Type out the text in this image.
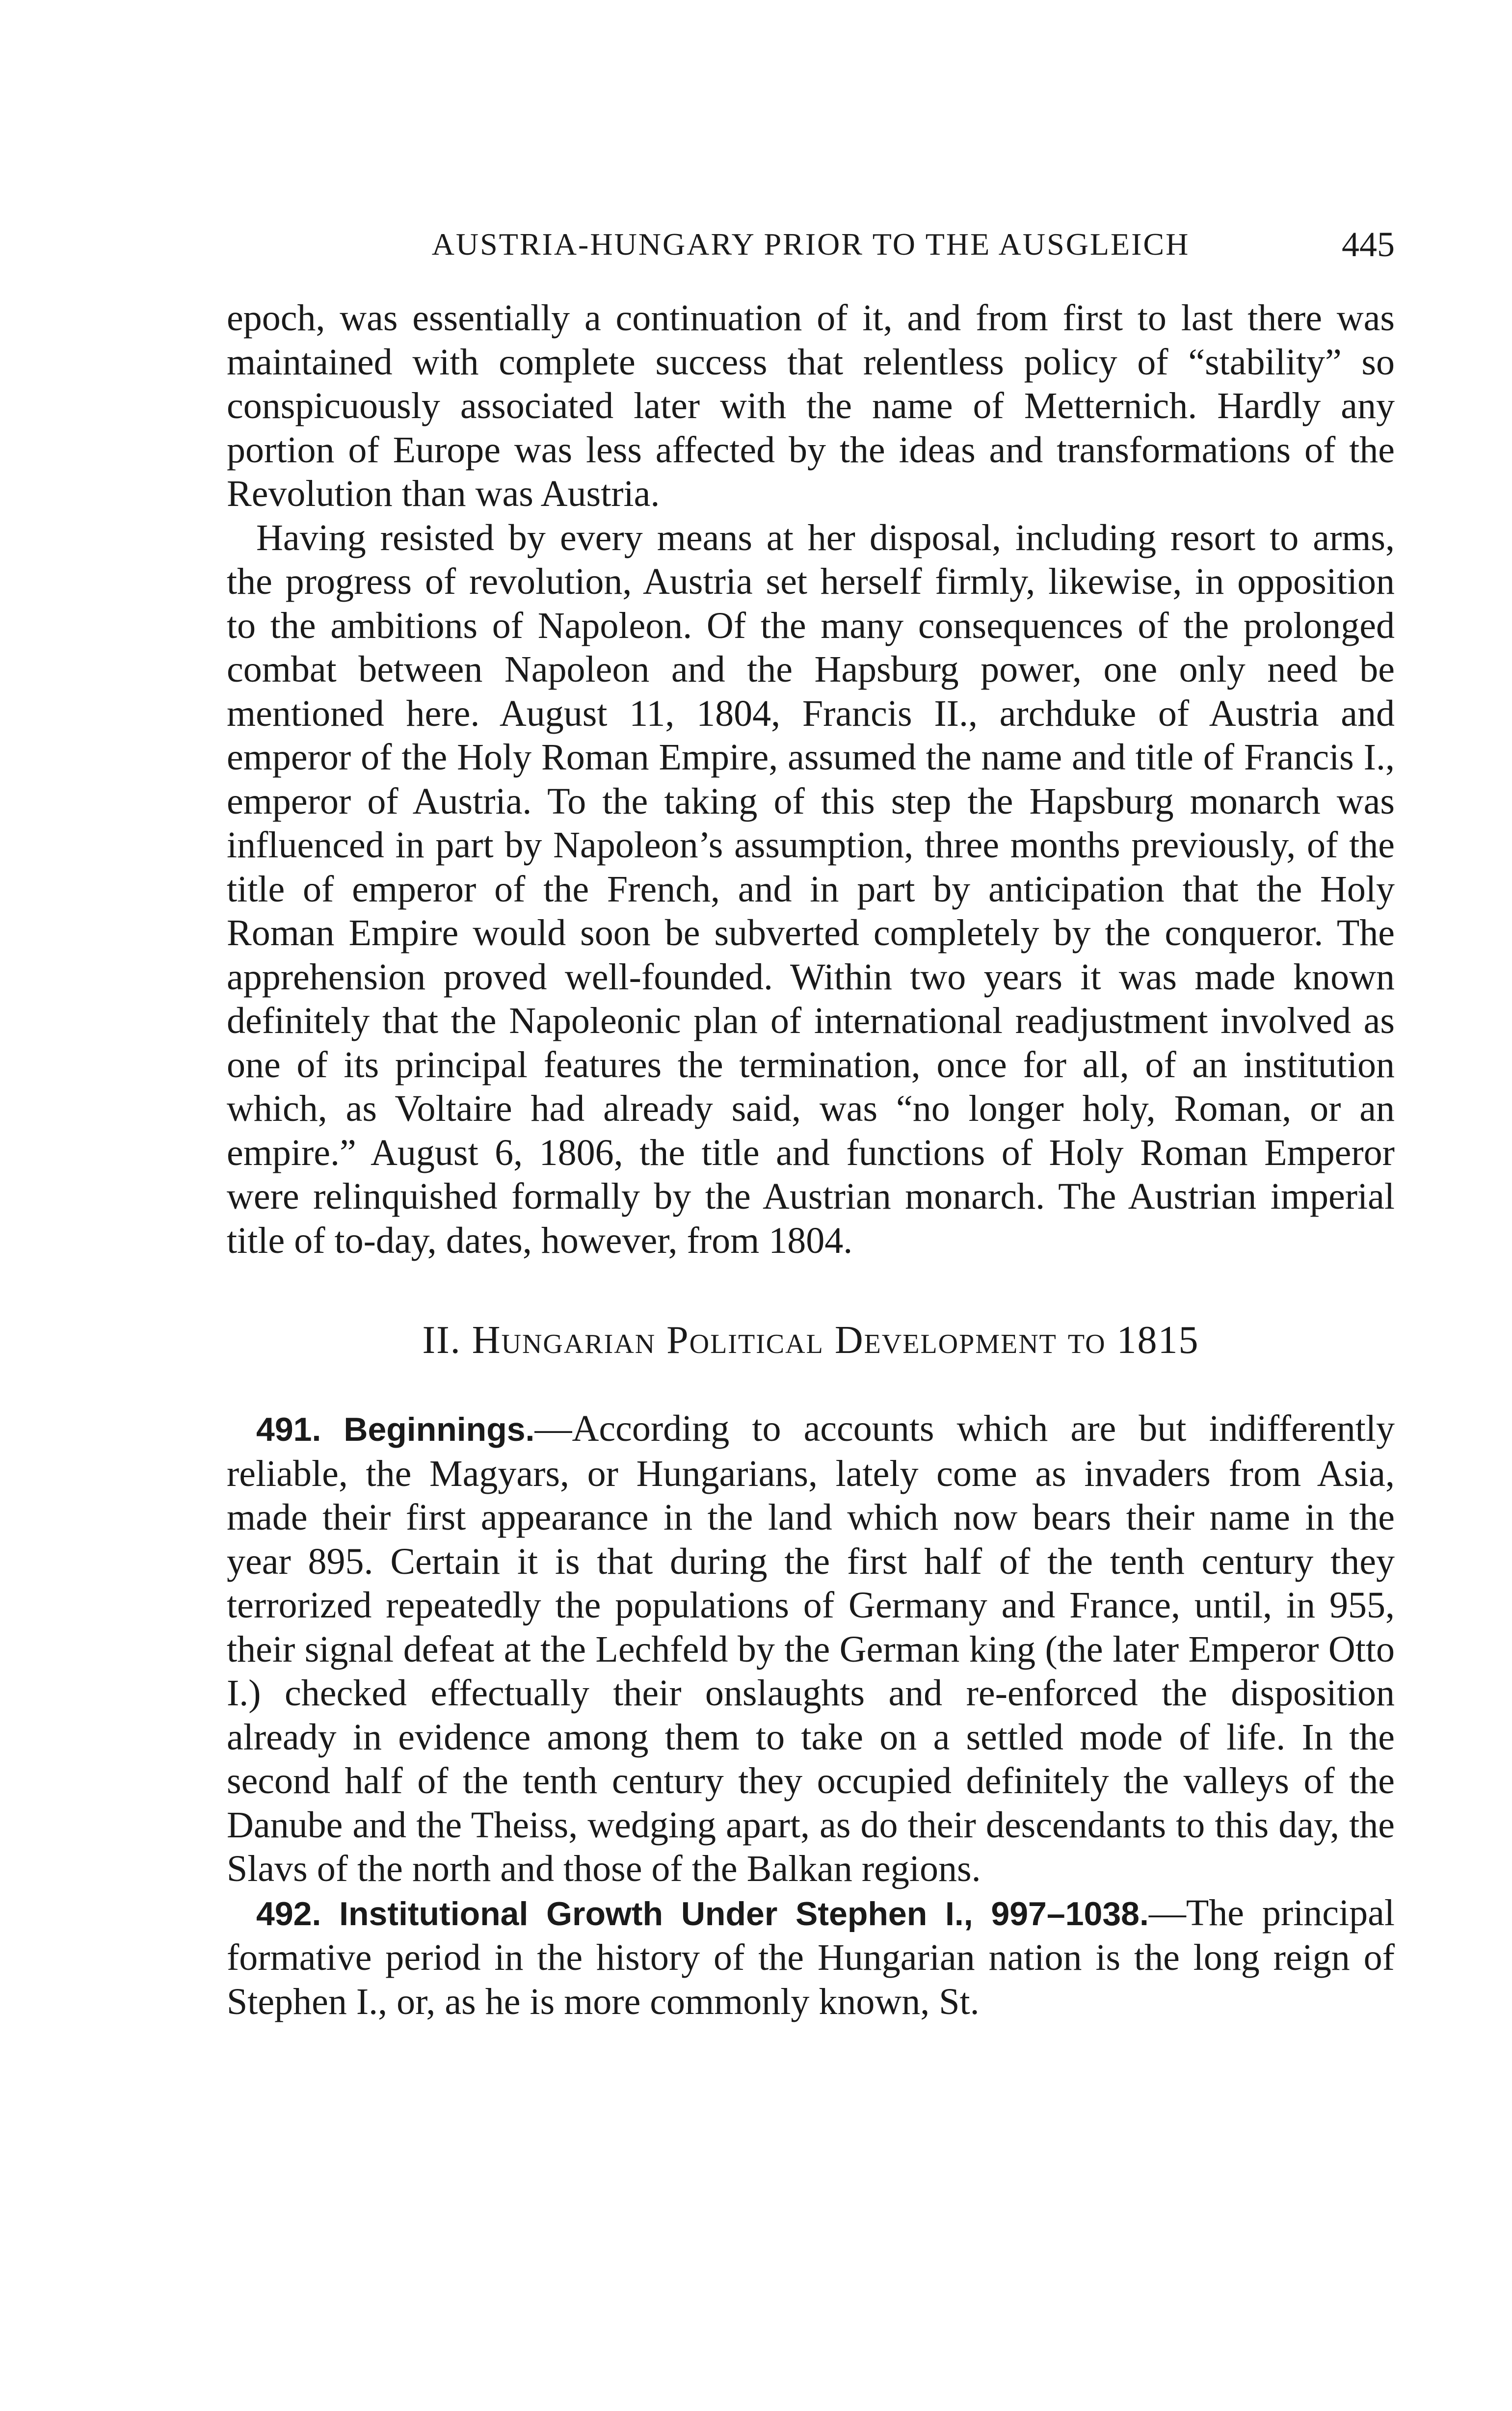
AUSTRIA-HUNGARY PRIOR TO THE AUSGLEICH	445

epoch, was essentially a continuation of it, and from first to last there was maintained with complete success that relentless policy of “stability” so conspicuously associated later with the name of Metternich. Hardly any portion of Europe was less affected by the ideas and transformations of the Revolution than was Austria.

Having resisted by every means at her disposal, including resort to arms, the progress of revolution, Austria set herself firmly, likewise, in opposition to the ambitions of Napoleon. Of the many consequences of the prolonged combat between Napoleon and the Hapsburg power, one only need be mentioned here. August 11, 1804, Francis II., archduke of Austria and emperor of the Holy Roman Empire, assumed the name and title of Francis I., emperor of Austria. To the taking of this step the Hapsburg monarch was influenced in part by Napoleon’s assumption, three months previously, of the title of emperor of the French, and in part by anticipation that the Holy Roman Empire would soon be subverted completely by the conqueror. The apprehension proved well-founded. Within two years it was made known definitely that the Napoleonic plan of international readjustment involved as one of its principal features the termination, once for all, of an institution which, as Voltaire had already said, was “no longer holy, Roman, or an empire.” August 6, 1806, the title and functions of Holy Roman Emperor were relinquished formally by the Austrian monarch. The Austrian imperial title of to-day, dates, however, from 1804.

II. Hungarian Political Development to 1815

491. Beginnings.—According to accounts which are but indifferently reliable, the Magyars, or Hungarians, lately come as invaders from Asia, made their first appearance in the land which now bears their name in the year 895. Certain it is that during the first half of the tenth century they terrorized repeatedly the populations of Germany and France, until, in 955, their signal defeat at the Lechfeld by the German king (the later Emperor Otto I.) checked effectually their onslaughts and re-enforced the disposition already in evidence among them to take on a settled mode of life. In the second half of the tenth century they occupied definitely the valleys of the Danube and the Theiss, wedging apart, as do their descendants to this day, the Slavs of the north and those of the Balkan regions.

492. Institutional Growth Under Stephen I., 997–1038.—The principal formative period in the history of the Hungarian nation is the long reign of Stephen I., or, as he is more commonly known, St.
